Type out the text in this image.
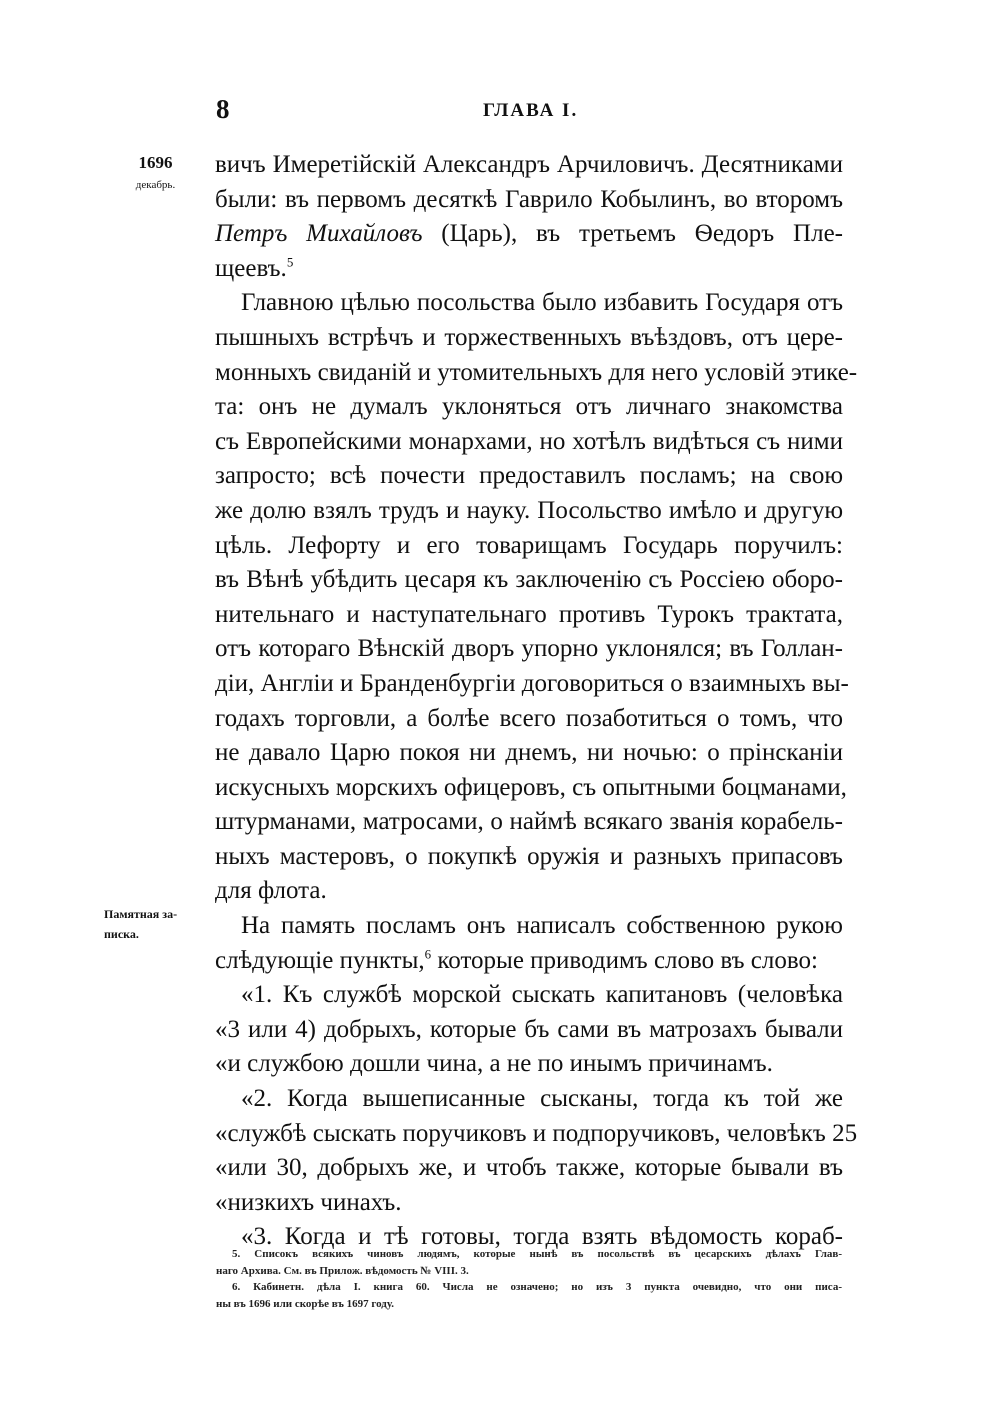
8	ГЛАВА I.
1696
декабрь.
Памятная за-
писка.
вичъ Имеретійскій Александръ Арчиловичъ. Десятниками
были: въ первомъ десяткѣ Гаврило Кобылинъ, во второмъ
Петръ Михайловъ (Царь), въ третьемъ Ѳедоръ Пле-
щеевъ.$^5$
Главною цѣлью посольства было избавить Государя отъ
пышныхъ встрѣчъ и торжественныхъ въѣздовъ, отъ цере-
монныхъ свиданій и утомительныхъ для него условій этике-
та: онъ не думалъ уклоняться отъ личнаго знакомства
съ Европейскими монархами, но хотѣлъ видѣться съ ними
запросто; всѣ почести предоставилъ посламъ; на свою
же долю взялъ трудъ и науку. Посольство имѣло и другую
цѣль. Лефорту и его товарищамъ Государь поручилъ:
въ Вѣнѣ убѣдить цесаря къ заключенію съ Россіею оборо-
нительнаго и наступательнаго противъ Турокъ трактата,
отъ котораго Вѣнскій дворъ упорно уклонялся; въ Голлан-
діи, Англіи и Бранденбургіи договориться о взаимныхъ вы-
годахъ торговли, а болѣе всего позаботиться о томъ, что
не давало Царю покоя ни днемъ, ни ночью: о прінсканіи
искусныхъ морскихъ офицеровъ, съ опытными боцманами,
штурманами, матросами, о наймѣ всякаго званія корабель-
ныхъ мастеровъ, о покупкѣ оружія и разныхъ припасовъ
для флота.
На память посламъ онъ написалъ собственною рукою
слѣдующіе пункты,$^6$ которые приводимъ слово въ слово:
«1. Къ службѣ морской сыскать капитановъ (человѣка
«3 или 4) добрыхъ, которые бъ сами въ матрозахъ бывали
«и службою дошли чина, а не по инымъ причинамъ.
«2. Когда вышеписанные сысканы, тогда къ той же
«службѣ сыскать поручиковъ и подпоручиковъ, человѣкъ 25
«или 30, добрыхъ же, и чтобъ также, которые бывали въ
«низкихъ чинахъ.
«3. Когда и тѣ готовы, тогда взять вѣдомость кораб-
5. Списокъ всякихъ чиновъ людямъ, которые нынѣ въ посольствѣ въ цесарскихъ дѣлахъ Глав-
наго Архива. См. въ Прилож. вѣдомость № VIII. 3.
6. Кабинетн. дѣла I. книга 60. Числа не означено; но изъ 3 пункта очевидно, что они писа-
ны въ 1696 или скорѣе въ 1697 году.
